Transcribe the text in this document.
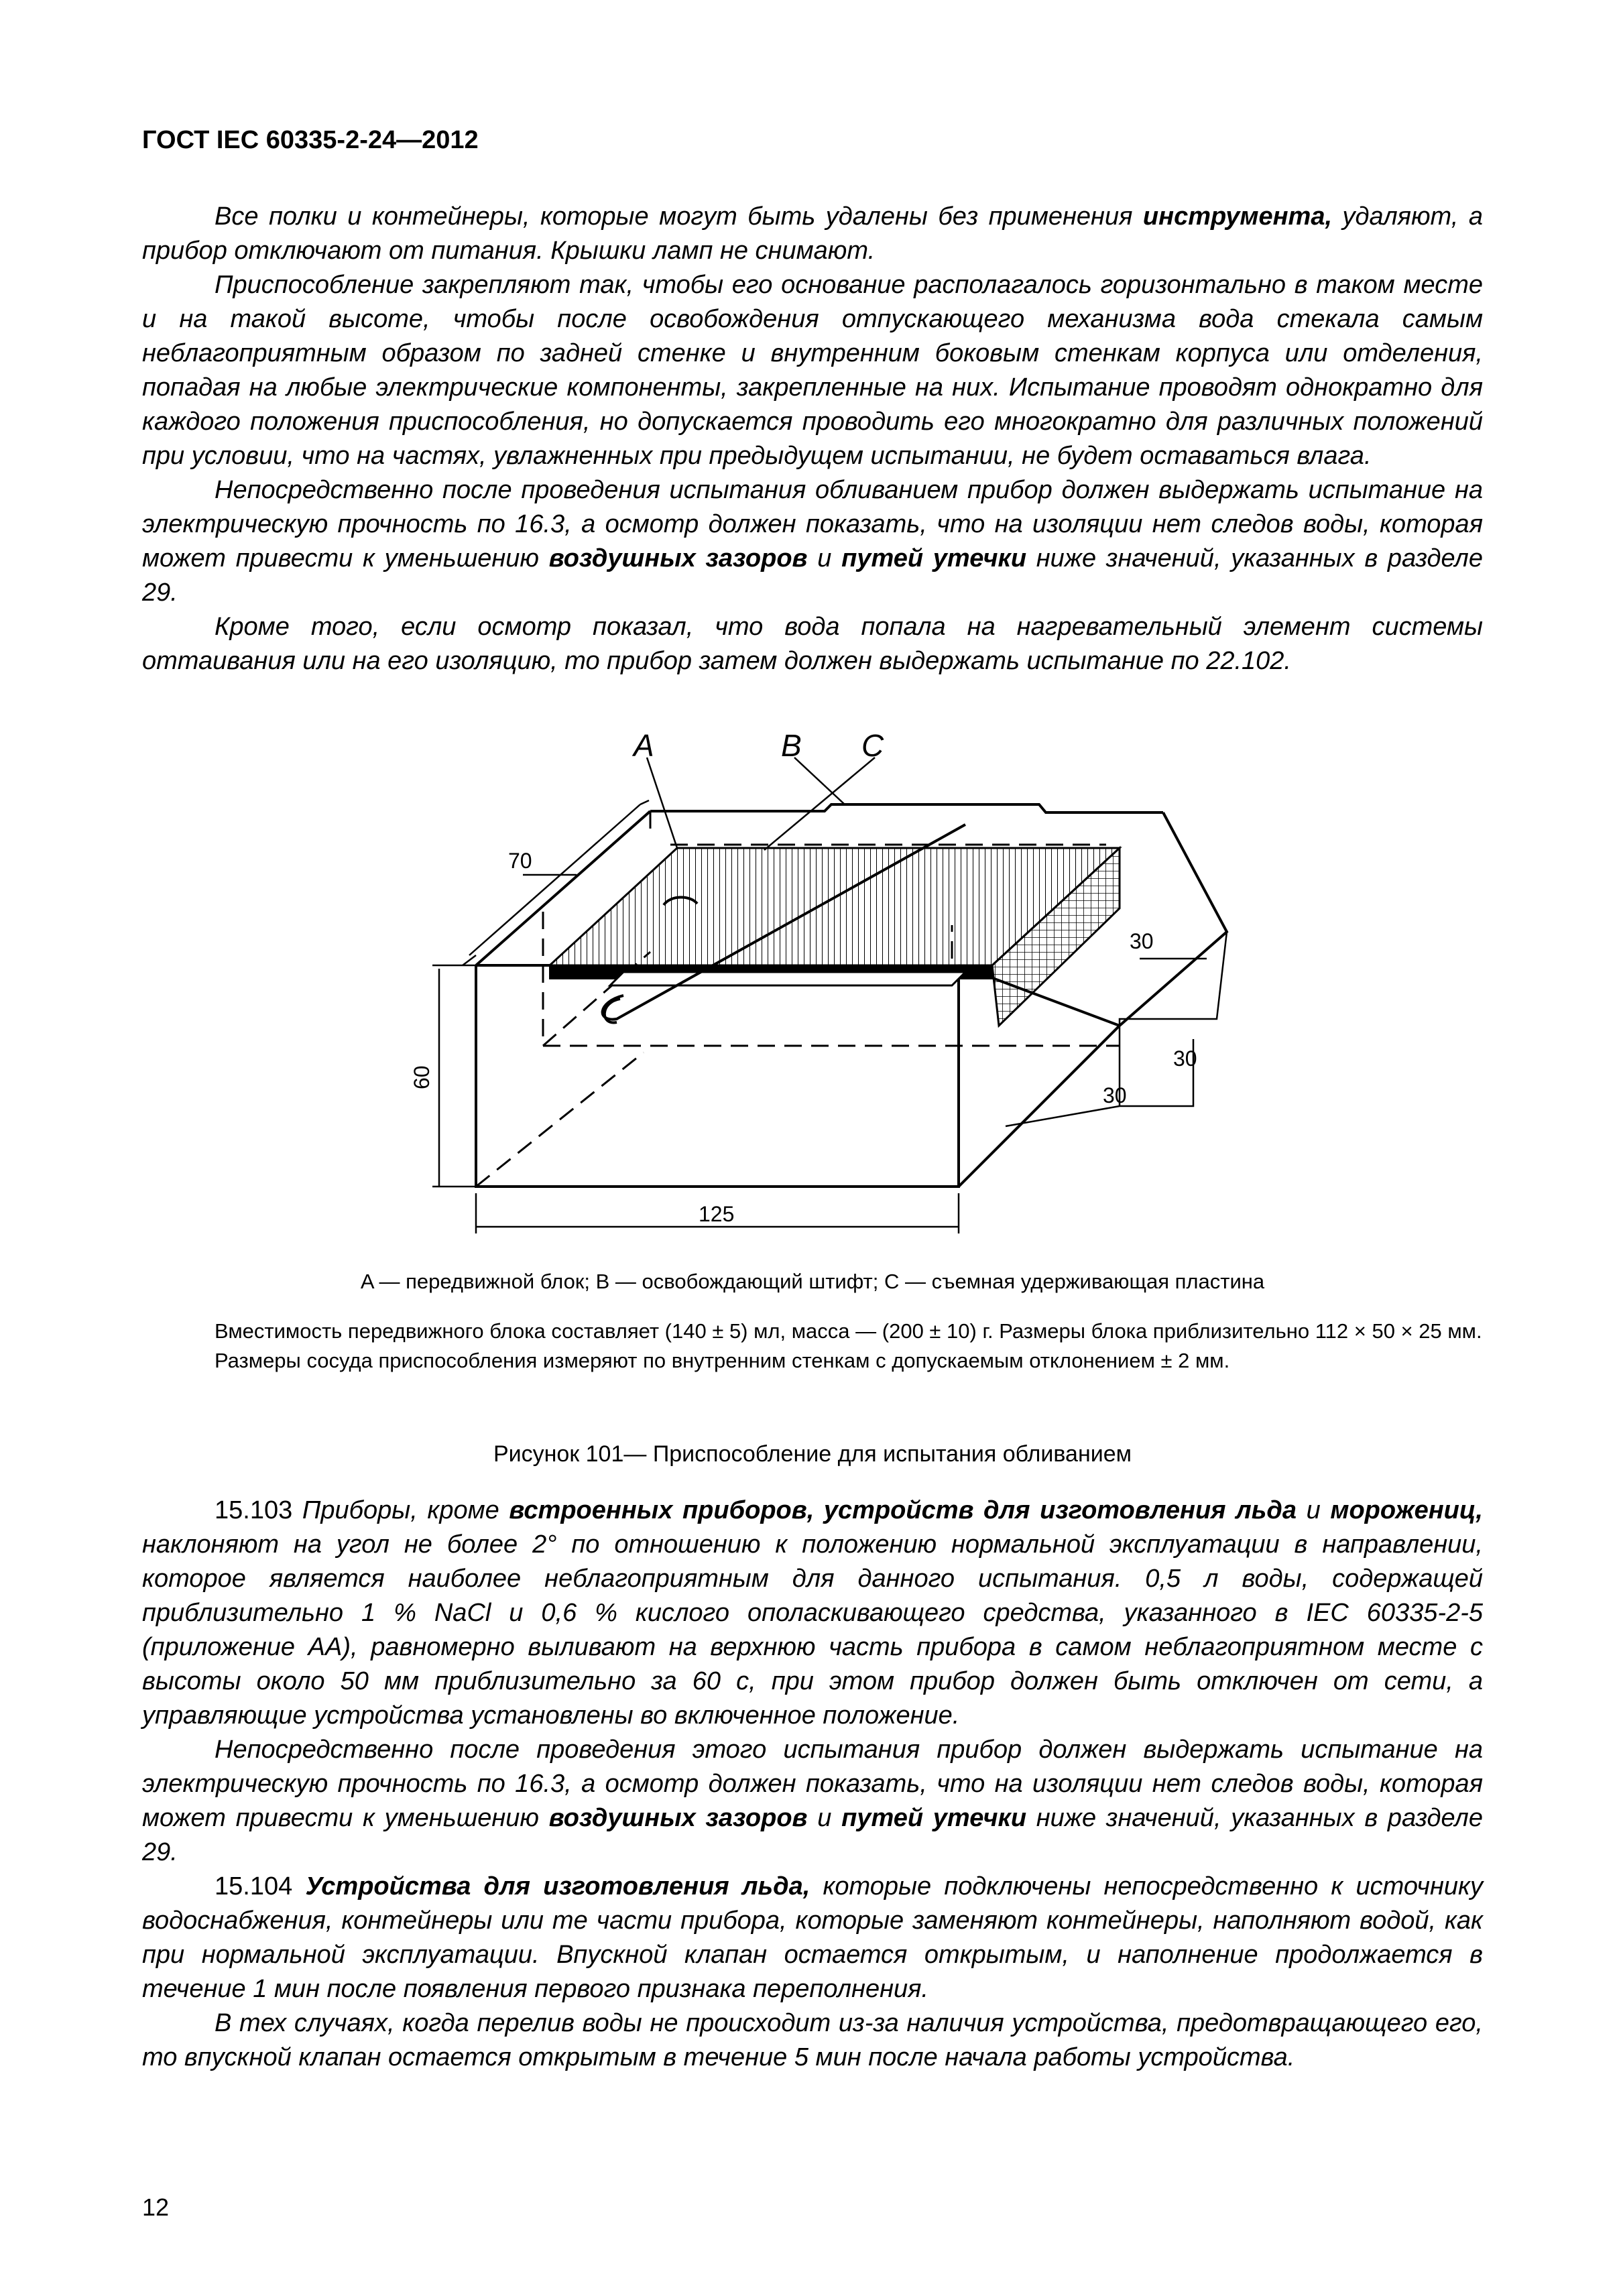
ГОСТ IEC 60335-2-24—2012

Все полки и контейнеры, которые могут быть удалены без применения инструмента, удаляют, а прибор отключают от питания. Крышки ламп не снимают.

Приспособление закрепляют так, чтобы его основание располагалось горизонтально в таком месте и на такой высоте, чтобы после освобождения отпускающего механизма вода стекала самым неблагоприятным образом по задней стенке и внутренним боковым стенкам корпуса или отделения, попадая на любые электрические компоненты, закрепленные на них. Испытание проводят однократно для каждого положения приспособления, но допускается проводить его многократно для различных положений при условии, что на частях, увлажненных при предыдущем испытании, не будет оставаться влага.

Непосредственно после проведения испытания обливанием прибор должен выдержать испытание на электрическую прочность по 16.3, а осмотр должен показать, что на изоляции нет следов воды, которая может привести к уменьшению воздушных зазоров и путей утечки ниже значений, указанных в разделе 29.

Кроме того, если осмотр показал, что вода попала на нагревательный элемент системы оттаивания или на его изоляцию, то прибор затем должен выдержать испытание по 22.102.

A	B C
70
60
125
30
30
30
A — передвижной блок; B — освобождающий штифт; C — съемная удерживающая пластина

Вместимость передвижного блока составляет (140 ± 5) мл, масса — (200 ± 10) г. Размеры блока приблизительно 112 × 50 × 25 мм.

Размеры сосуда приспособления измеряют по внутренним стенкам с допускаемым отклонением ± 2 мм.

Рисунок 101— Приспособление для испытания обливанием

15.103 Приборы, кроме встроенных приборов, устройств для изготовления льда и морожениц, наклоняют на угол не более 2° по отношению к положению нормальной эксплуатации в направлении, которое является наиболее неблагоприятным для данного испытания. 0,5 л воды, содержащей приблизительно 1 % NaCl и 0,6 % кислого ополаскивающего средства, указанного в IEC 60335-2-5 (приложение АА), равномерно выливают на верхнюю часть прибора в самом неблагоприятном месте с высоты около 50 мм приблизительно за 60 с, при этом прибор должен быть отключен от сети, а управляющие устройства установлены во включенное положение.

Непосредственно после проведения этого испытания прибор должен выдержать испытание на электрическую прочность по 16.3, а осмотр должен показать, что на изоляции нет следов воды, которая может привести к уменьшению воздушных зазоров и путей утечки ниже значений, указанных в разделе 29.

15.104 Устройства для изготовления льда, которые подключены непосредственно к источнику водоснабжения, контейнеры или те части прибора, которые заменяют контейнеры, наполняют водой, как при нормальной эксплуатации. Впускной клапан остается открытым, и наполнение продолжается в течение 1 мин после появления первого признака переполнения.

В тех случаях, когда перелив воды не происходит из-за наличия устройства, предотвращающего его, то впускной клапан остается открытым в течение 5 мин после начала работы устройства.

12
